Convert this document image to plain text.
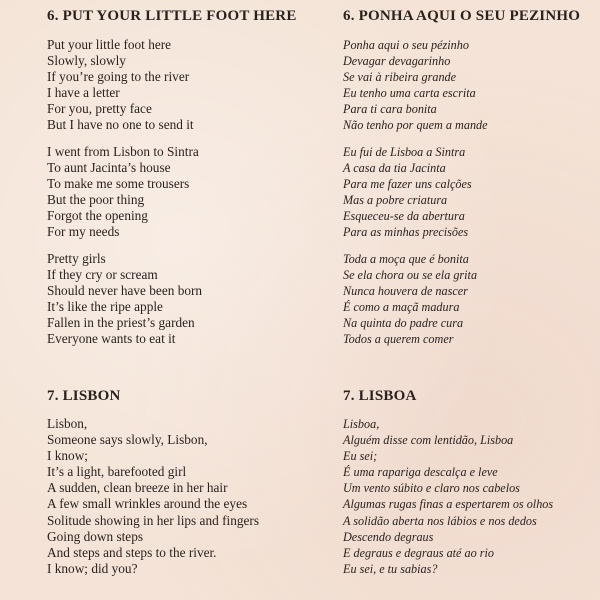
6. PUT YOUR LITTLE FOOT HERE
Put your little foot here
Slowly, slowly
If you’re going to the river
I have a letter
For you, pretty face
But I have no one to send it
I went from Lisbon to Sintra
To aunt Jacinta’s house
To make me some trousers
But the poor thing
Forgot the opening
For my needs
Pretty girls
If they cry or scream
Should never have been born
It’s like the ripe apple
Fallen in the priest’s garden
Everyone wants to eat it
7. LISBON
Lisbon,
Someone says slowly, Lisbon,
I know;
It’s a light, barefooted girl
A sudden, clean breeze in her hair
A few small wrinkles around the eyes
Solitude showing in her lips and fingers
Going down steps
And steps and steps to the river.
I know; did you?
6. PONHA AQUI O SEU PEZINHO
Ponha aqui o seu pézinho
Devagar devagarinho
Se vai à ribeira grande
Eu tenho uma carta escrita
Para ti cara bonita
Não tenho por quem a mande
Eu fui de Lisboa a Sintra
A casa da tia Jacinta
Para me fazer uns calções
Mas a pobre criatura
Esqueceu-se da abertura
Para as minhas precisões
Toda a moça que é bonita
Se ela chora ou se ela grita
Nunca houvera de nascer
É como a maçã madura
Na quinta do padre cura
Todos a querem comer
7. LISBOA
Lisboa,
Alguém disse com lentidão, Lisboa
Eu sei;
É uma rapariga descalça e leve
Um vento súbito e claro nos cabelos
Algumas rugas finas a espertarem os olhos
A solidão aberta nos lábios e nos dedos
Descendo degraus
E degraus e degraus até ao rio
Eu sei, e tu sabias?
